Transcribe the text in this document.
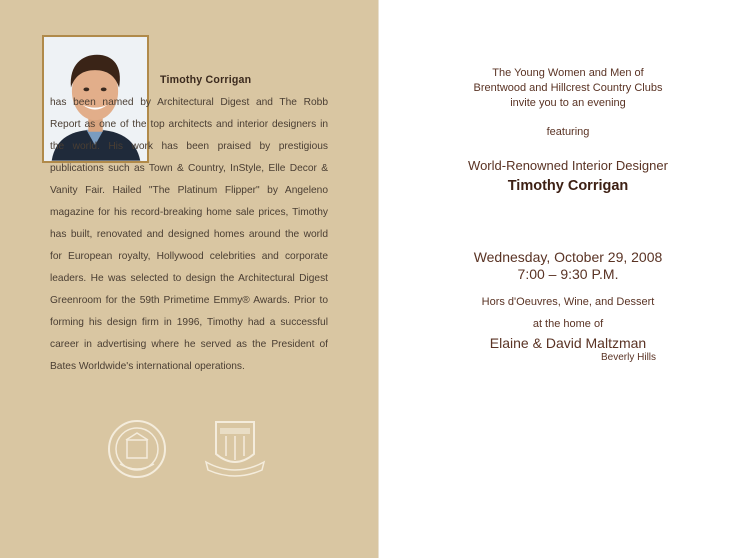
Timothy Corrigan
has been named by Architectural Digest and The Robb Report as one of the top architects and interior designers in the world. His work has been praised by prestigious publications such as Town & Country, InStyle, Elle Decor & Vanity Fair. Hailed "The Platinum Flipper" by Angeleno magazine for his record-breaking home sale prices, Timothy has built, renovated and designed homes around the world for European royalty, Hollywood celebrities and corporate leaders. He was selected to design the Architectural Digest Greenroom for the 59th Primetime Emmy® Awards. Prior to forming his design firm in 1996, Timothy had a successful career in advertising where he served as the President of Bates Worldwide's international operations.

The Young Women and Men of
Brentwood and Hillcrest Country Clubs
invite you to an evening
featuring
World-Renowned Interior Designer
Timothy Corrigan
Wednesday, October 29, 2008
7:00 – 9:30 P.M.
Hors d'Oeuvres, Wine, and Dessert
at the home of
Elaine & David Maltzman
Beverly Hills
